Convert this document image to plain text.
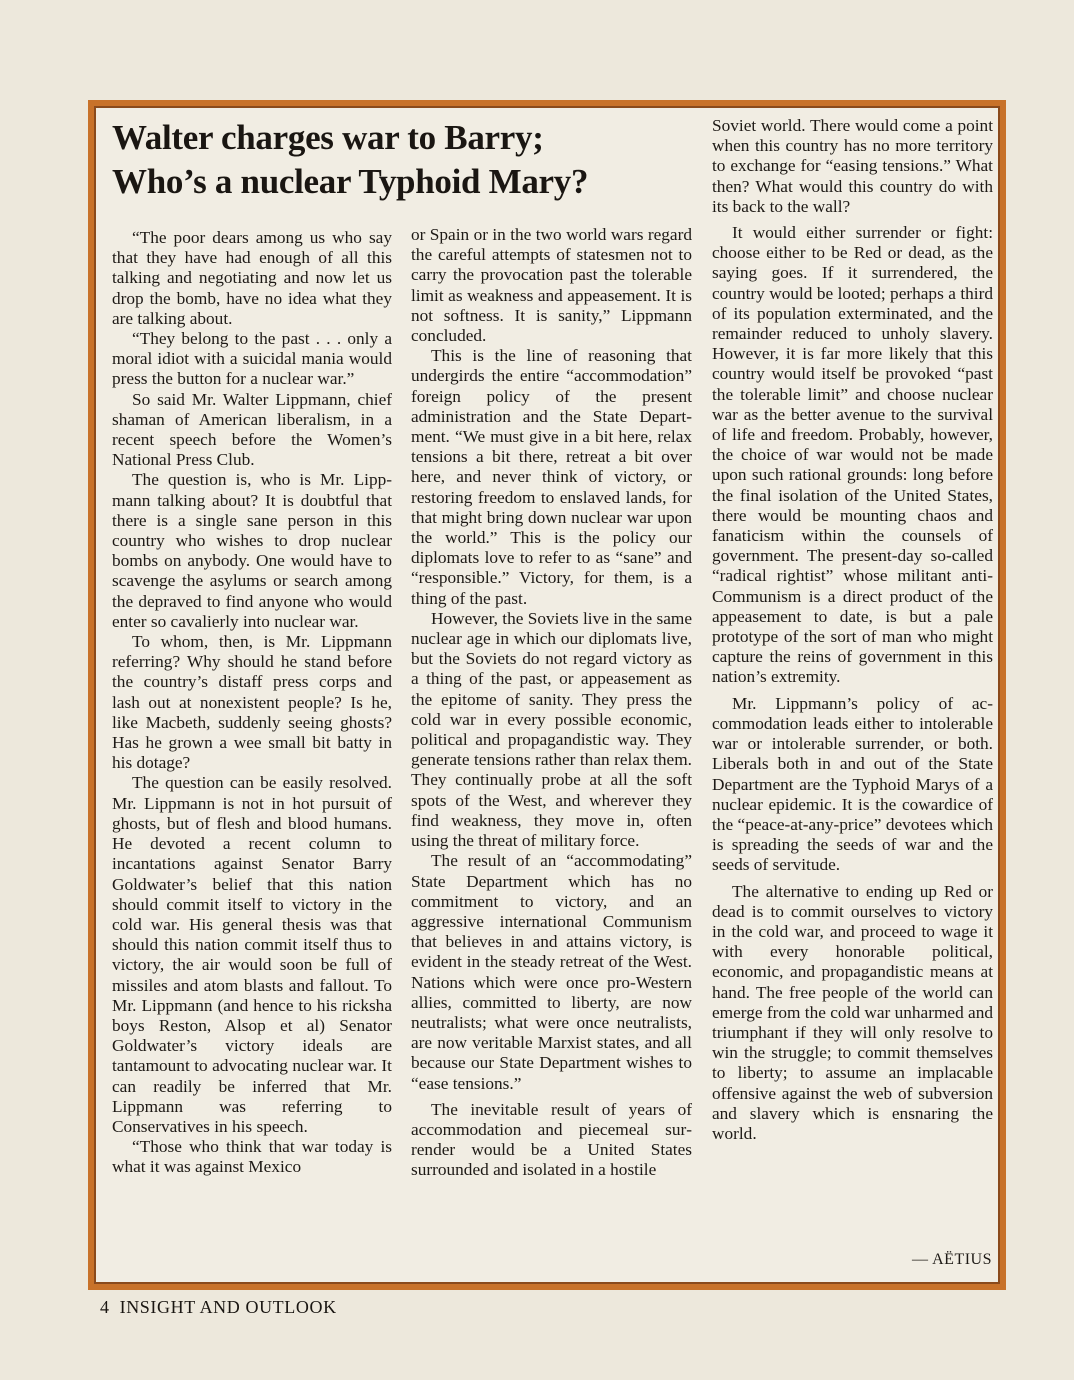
Walter charges war to Barry;
Who’s a nuclear Typhoid Mary?

“The poor dears among us who say that they have had enough of all this talking and negotiating and now let us drop the bomb, have no idea what they are talking about.

“They belong to the past . . . only a moral idiot with a suicidal mania would press the button for a nuclear war.”

So said Mr. Walter Lippmann, chief shaman of American liberalism, in a recent speech before the Women’s National Press Club.

The question is, who is Mr. Lippmann talking about? It is doubtful that there is a single sane person in this country who wishes to drop nuclear bombs on anybody. One would have to scavenge the asylums or search among the depraved to find anyone who would enter so cavalierly into nuclear war.

To whom, then, is Mr. Lippmann referring? Why should he stand before the country’s distaff press corps and lash out at nonexistent people? Is he, like Macbeth, suddenly seeing ghosts? Has he grown a wee small bit batty in his dotage?

The question can be easily resolved. Mr. Lippmann is not in hot pursuit of ghosts, but of flesh and blood humans. He devoted a recent column to incantations against Senator Barry Goldwater’s belief that this nation should commit itself to victory in the cold war. His general thesis was that should this nation commit itself thus to victory, the air would soon be full of missiles and atom blasts and fallout. To Mr. Lippmann (and hence to his ricksha boys Reston, Alsop et al) Senator Goldwater’s victory ideals are tantamount to advocating nuclear war. It can readily be inferred that Mr. Lippmann was referring to Conservatives in his speech.

“Those who think that war today is what it was against Mexico

or Spain or in the two world wars regard the careful attempts of statesmen not to carry the provocation past the tolerable limit as weakness and appeasement. It is not softness. It is sanity,” Lippmann concluded.

This is the line of reasoning that undergirds the entire “accommodation” foreign policy of the present administration and the State Department. “We must give in a bit here, relax tensions a bit there, retreat a bit over here, and never think of victory, or restoring freedom to enslaved lands, for that might bring down nuclear war upon the world.” This is the policy our diplomats love to refer to as “sane” and “responsible.” Victory, for them, is a thing of the past.

However, the Soviets live in the same nuclear age in which our diplomats live, but the Soviets do not regard victory as a thing of the past, or appeasement as the epitome of sanity. They press the cold war in every possible economic, political and propagandistic way. They generate tensions rather than relax them. They continually probe at all the soft spots of the West, and wherever they find weakness, they move in, often using the threat of military force.

The result of an “accommodating” State Department which has no commitment to victory, and an aggressive international Communism that believes in and attains victory, is evident in the steady retreat of the West. Nations which were once pro-Western allies, committed to liberty, are now neutralists; what were once neutralists, are now veritable Marxist states, and all because our State Department wishes to “ease tensions.”

The inevitable result of years of accommodation and piecemeal surrender would be a United States surrounded and isolated in a hostile

Soviet world. There would come a point when this country has no more territory to exchange for “easing tensions.” What then? What would this country do with its back to the wall?

It would either surrender or fight: choose either to be Red or dead, as the saying goes. If it surrendered, the country would be looted; perhaps a third of its population exterminated, and the remainder reduced to unholy slavery. However, it is far more likely that this country would itself be provoked “past the tolerable limit” and choose nuclear war as the better avenue to the survival of life and freedom. Probably, however, the choice of war would not be made upon such rational grounds: long before the final isolation of the United States, there would be mounting chaos and fanaticism within the counsels of government. The present-day so-called “radical rightist” whose militant anti-Communism is a direct product of the appeasement to date, is but a pale prototype of the sort of man who might capture the reins of government in this nation’s extremity.

Mr. Lippmann’s policy of accommodation leads either to intolerable war or intolerable surrender, or both. Liberals both in and out of the State Department are the Typhoid Marys of a nuclear epidemic. It is the cowardice of the “peace-at-any-price” devotees which is spreading the seeds of war and the seeds of servitude.

The alternative to ending up Red or dead is to commit ourselves to victory in the cold war, and proceed to wage it with every honorable political, economic, and propagandistic means at hand. The free people of the world can emerge from the cold war unharmed and triumphant if they will only resolve to win the struggle; to commit themselves to liberty; to assume an implacable offensive against the web of subversion and slavery which is ensnaring the world.

— AËTIUS
4 INSIGHT AND OUTLOOK
